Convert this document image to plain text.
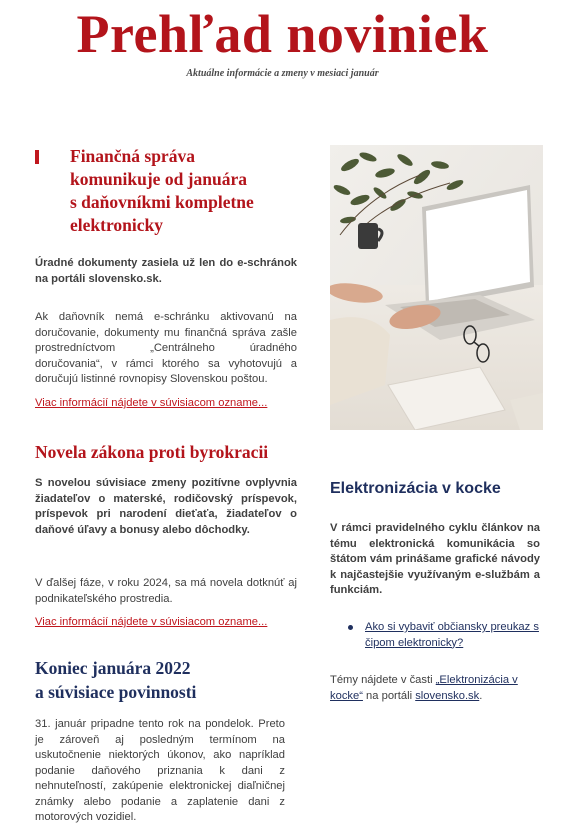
Prehľad noviniek

Aktuálne informácie a zmeny v mesiaci január

Finančná správa
komunikuje od januára
s daňovníkmi kompletne
elektronicky

Úradné dokumenty zasiela už len do e-schránok na portáli slovensko.sk.

Ak daňovník nemá e-schránku aktivovanú na doručovanie, dokumenty mu finančná správa zašle prostredníctvom „Centrálneho úradného doručovania“, v rámci ktorého sa vyhotovujú a doručujú listinné rovnopisy Slovenskou poštou.

Viac informácií nájdete v súvisiacom ozname...
Novela zákona proti byrokracii

S novelou súvisiace zmeny pozitívne ovplyvnia žiadateľov o materské, rodičovský príspevok, príspevok pri narodení dieťaťa, žiadateľov o daňové úľavy a bonusy alebo dôchodky.

V ďalšej fáze, v roku 2024, sa má novela dotknúť aj podnikateľského prostredia.

Viac informácií nájdete v súvisiacom ozname...
Koniec januára 2022
a súvisiace povinnosti

31. január pripadne tento rok na pondelok. Preto je zároveň aj posledným termínom na uskutočnenie niektorých úkonov, ako napríklad podanie daňového priznania k dani z nehnuteľností, zakúpenie elektronickej diaľničnej známky alebo podanie a zaplatenie dani z motorových vozidiel.

Elektronizácia v kocke

V rámci pravidelného cyklu článkov na tému elektronická komunikácia so štátom vám prinášame grafické návody k najčastejšie využívaným e-službám a funkciám.

Ako si vybaviť občiansky preukaz s čipom elektronicky?

Témy nájdete v časti „Elektronizácia v kocke“ na portáli slovensko.sk.
